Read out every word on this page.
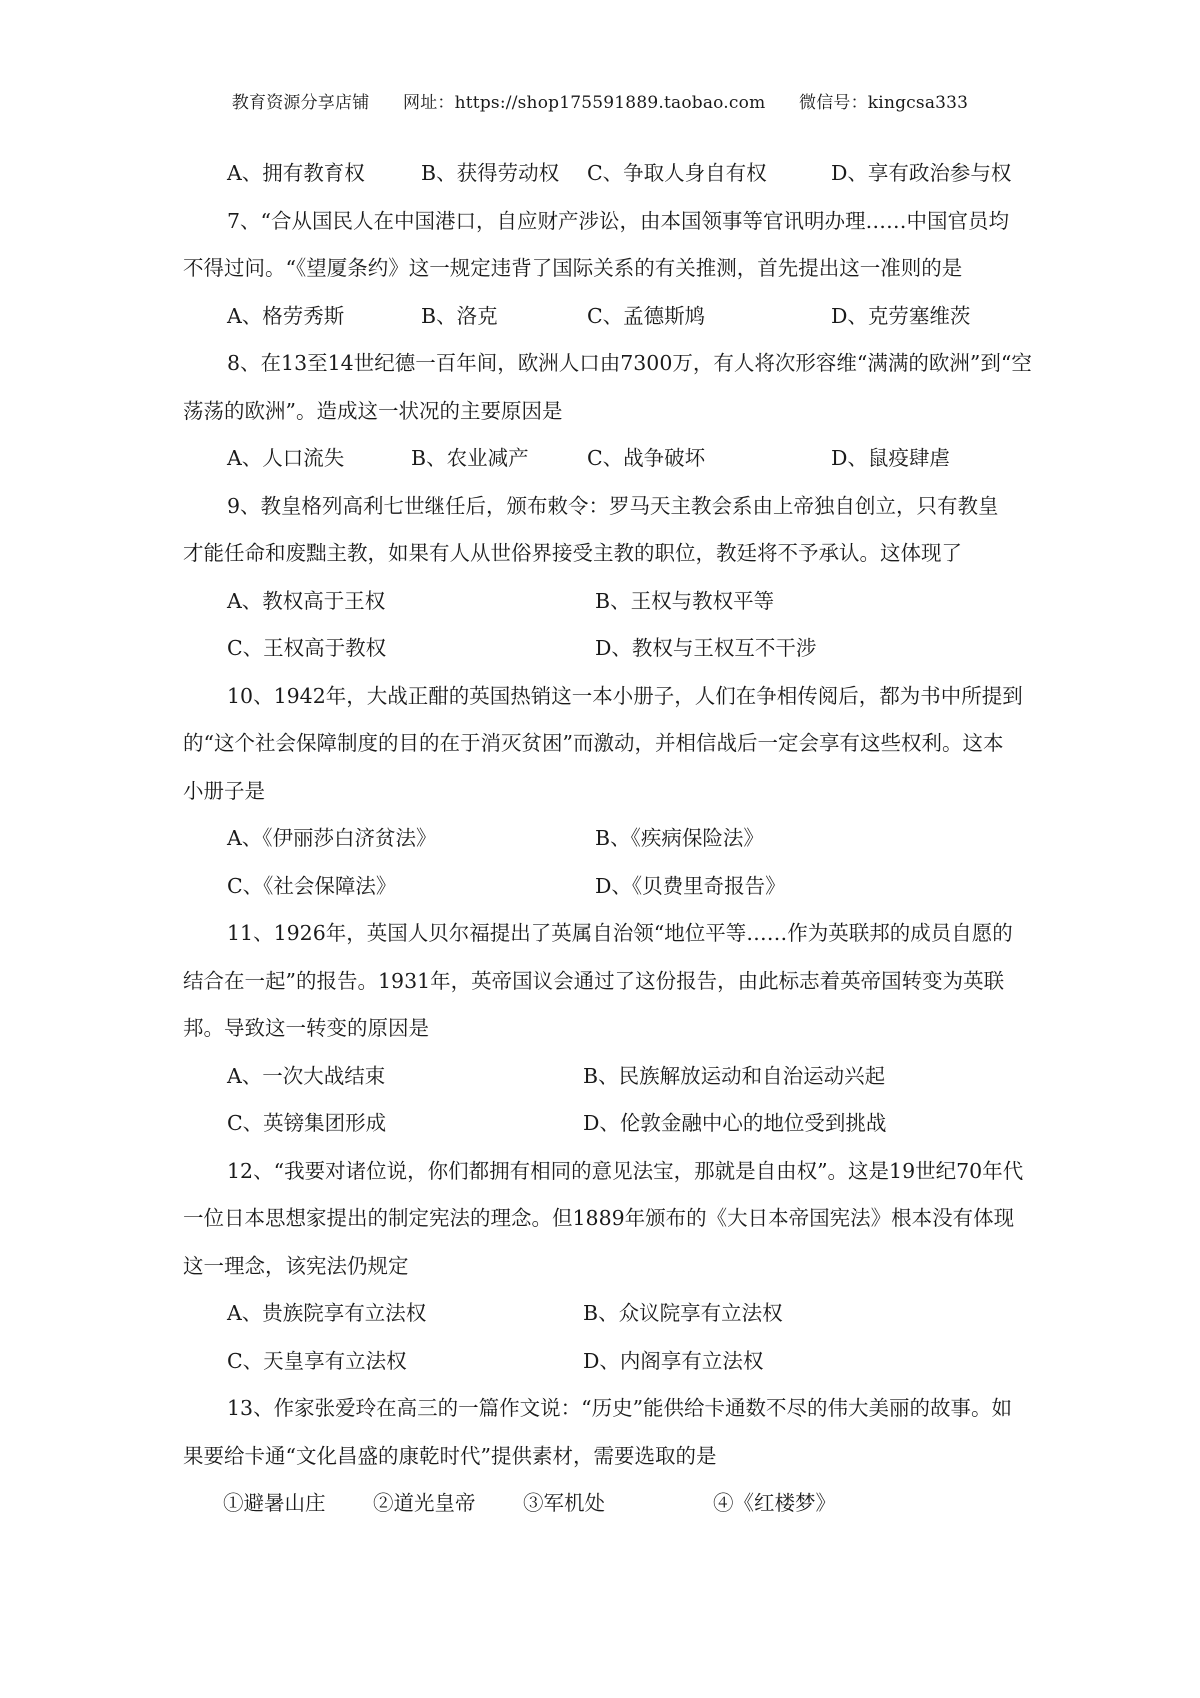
教育资源分享店铺 网址：https://shop175591889.taobao.com 微信号：kingcsa333
A、拥有教育权	B、获得劳动权 C、争取人身自有权	D、享有政治参与权
7、“合从国民人在中国港口，自应财产涉讼，由本国领事等官讯明办理……中国官员均
不得过问。“《望厦条约》这一规定违背了国际关系的有关推测，首先提出这一准则的是
A、格劳秀斯	B、洛克	C、孟德斯鸠	D、克劳塞维茨
8、在13至14世纪德一百年间，欧洲人口由7300万，有人将次形容维“满满的欧洲”到“空
荡荡的欧洲”。造成这一状况的主要原因是
A、人口流失	B、农业减产	C、战争破坏	D、鼠疫肆虐
9、教皇格列高利七世继任后，颁布敕令：罗马天主教会系由上帝独自创立，只有教皇
才能任命和废黜主教，如果有人从世俗界接受主教的职位，教廷将不予承认。这体现了
A、教权高于王权	B、王权与教权平等
C、王权高于教权	D、教权与王权互不干涉
10、1942年，大战正酣的英国热销这一本小册子，人们在争相传阅后，都为书中所提到
的“这个社会保障制度的目的在于消灭贫困”而激动，并相信战后一定会享有这些权利。这本
小册子是
A、《伊丽莎白济贫法》	B、《疾病保险法》
C、《社会保障法》	D、《贝费里奇报告》
11、1926年，英国人贝尔福提出了英属自治领“地位平等……作为英联邦的成员自愿的
结合在一起”的报告。1931年，英帝国议会通过了这份报告，由此标志着英帝国转变为英联
邦。导致这一转变的原因是
A、一次大战结束	B、民族解放运动和自治运动兴起
C、英镑集团形成	D、伦敦金融中心的地位受到挑战
12、“我要对诸位说，你们都拥有相同的意见法宝，那就是自由权”。这是19世纪70年代
一位日本思想家提出的制定宪法的理念。但1889年颁布的《大日本帝国宪法》根本没有体现
这一理念，该宪法仍规定
A、贵族院享有立法权	B、众议院享有立法权
C、天皇享有立法权	D、内阁享有立法权
13、作家张爱玲在高三的一篇作文说：“历史”能供给卡通数不尽的伟大美丽的故事。如
果要给卡通“文化昌盛的康乾时代”提供素材，需要选取的是
①避暑山庄 ②道光皇帝 ③军机处	④《红楼梦》
